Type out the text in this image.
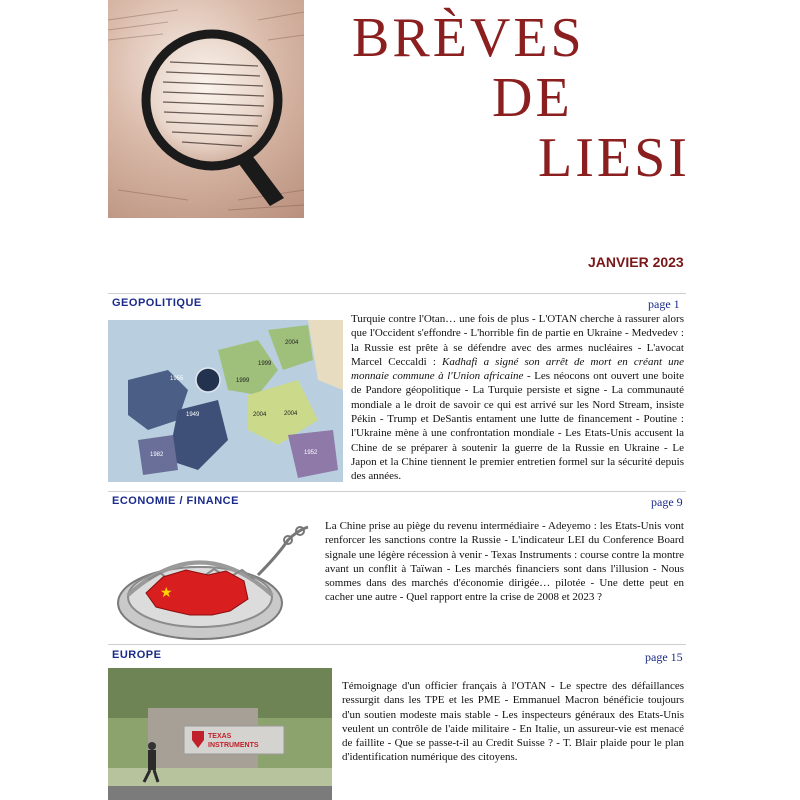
BRÈVES
DE
LIESI
JANVIER 2023
GEOPOLITIQUE	page 1
2004
1955	1999
1949
1982
2004
1952
1999
2004

Turquie contre l'Otan… une fois de plus - L'OTAN cherche à rassurer alors que l'Occident s'effondre - L'horrible fin de partie en Ukraine - Medvedev : la Russie est prête à se défendre avec des armes nucléaires - L'avocat Marcel Ceccaldi : Kadhafi a signé son arrêt de mort en créant une monnaie commune à l'Union africaine - Les néocons ont ouvert une boite de Pandore géopolitique - La Turquie persiste et signe - La communauté mondiale a le droit de savoir ce qui est arrivé sur les Nord Stream, insiste Pékin - Trump et DeSantis entament une lutte de financement - Poutine : l'Ukraine mène à une confrontation mondiale - Les Etats-Unis accusent la Chine de se préparer à soutenir la guerre de la Russie en Ukraine - Le Japon et la Chine tiennent le premier entretien formel sur la sécurité depuis des années.

ECONOMIE / FINANCE	page 9
★

La Chine prise au piège du revenu intermédiaire - Adeyemo : les Etats-Unis vont renforcer les sanctions contre la Russie - L'indicateur LEI du Conference Board signale une légère récession à venir - Texas Instruments : course contre la montre avant un conflit à Taïwan - Les marchés financiers sont dans l'illusion - Nous sommes dans des marchés d'économie dirigée… pilotée - Une dette peut en cacher une autre - Quel rapport entre la crise de 2008 et 2023 ?

EUROPE	page 15
TEXAS
INSTRUMENTS

Témoignage d'un officier français à l'OTAN - Le spectre des défaillances ressurgit dans les TPE et les PME - Emmanuel Macron bénéficie toujours d'un soutien modeste mais stable - Les inspecteurs généraux des Etats-Unis veulent un contrôle de l'aide militaire - En Italie, un assureur-vie est menacé de faillite - Que se passe-t-il au Credit Suisse ? - T. Blair plaide pour le plan d'identification numérique des citoyens.
